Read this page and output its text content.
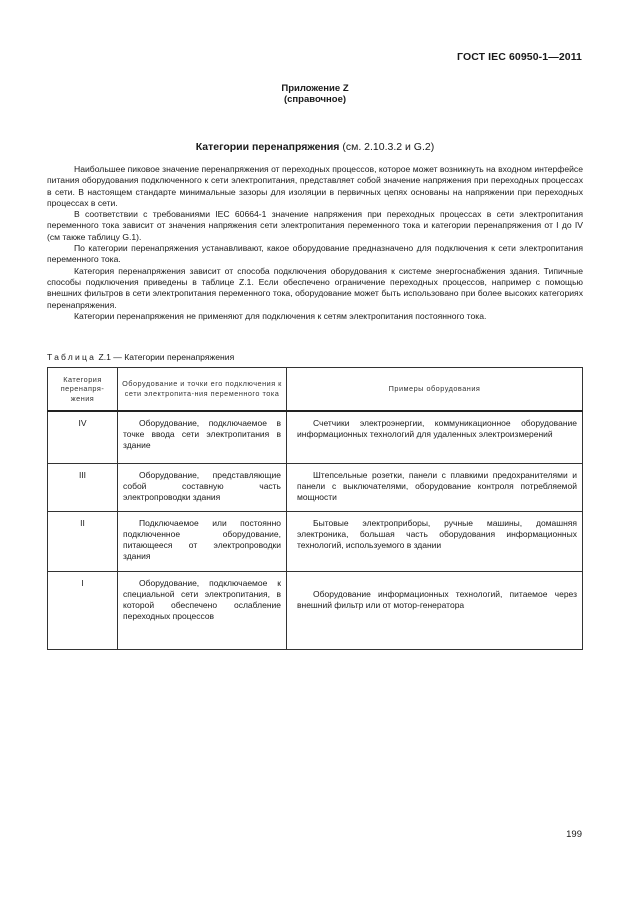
ГОСТ IEC 60950-1—2011
Приложение Z
(справочное)
Категории перенапряжения (см. 2.10.3.2 и G.2)

Наибольшее пиковое значение перенапряжения от переходных процессов, которое может возникнуть на входном интерфейсе питания оборудования подключенного к сети электропитания, представляет собой значение напряжения при переходных процессах в сети. В настоящем стандарте минимальные зазоры для изоляции в первичных цепях основаны на напряжении при переходных процессах в сети.

В соответствии с требованиями IEC 60664-1 значение напряжения при переходных процессах в сети электропитания переменного тока зависит от значения напряжения сети электропитания переменного тока и категории перенапряжения от I до IV (см также таблицу G.1).

По категории перенапряжения устанавливают, какое оборудование предназначено для подключения к сети электропитания переменного тока.

Категория перенапряжения зависит от способа подключения оборудования к системе энергоснабжения здания. Типичные способы подключения приведены в таблице Z.1. Если обеспечено ограничение переходных процессов, например с помощью внешних фильтров в сети электропитания переменного тока, оборудование может быть использовано при более высоких категориях перенапряжения.

Категории перенапряжения не применяют для подключения к сетям электропитания постоянного тока.

Таблица Z.1 — Категории перенапряжения
Категория перенапря-жения	Оборудование и точки его подключения к сети электропита-ния переменного тока	Примеры оборудования
IV	Оборудование, подключаемое в точке ввода сети электропитания в здание	Счетчики электроэнергии, коммуникационное оборудование информационных технологий для удаленных электроизмерений

III	Оборудование, представляющие собой составную часть электропроводки здания	Штепсельные розетки, панели с плавкими предохранителями и панели с выключателями, оборудование контроля потребляемой мощности

II	Подключаемое или постоянно подключенное оборудование, питающееся от электропроводки здания	Бытовые электроприборы, ручные машины, домашняя электроника, большая часть оборудования информационных технологий, используемого в здании

I	Оборудование, подключаемое к специальной сети электропитания, в которой обеспечено ослабление переходных процессов	Оборудование информационных технологий, питаемое через внешний фильтр или от мотор-генератора
199
